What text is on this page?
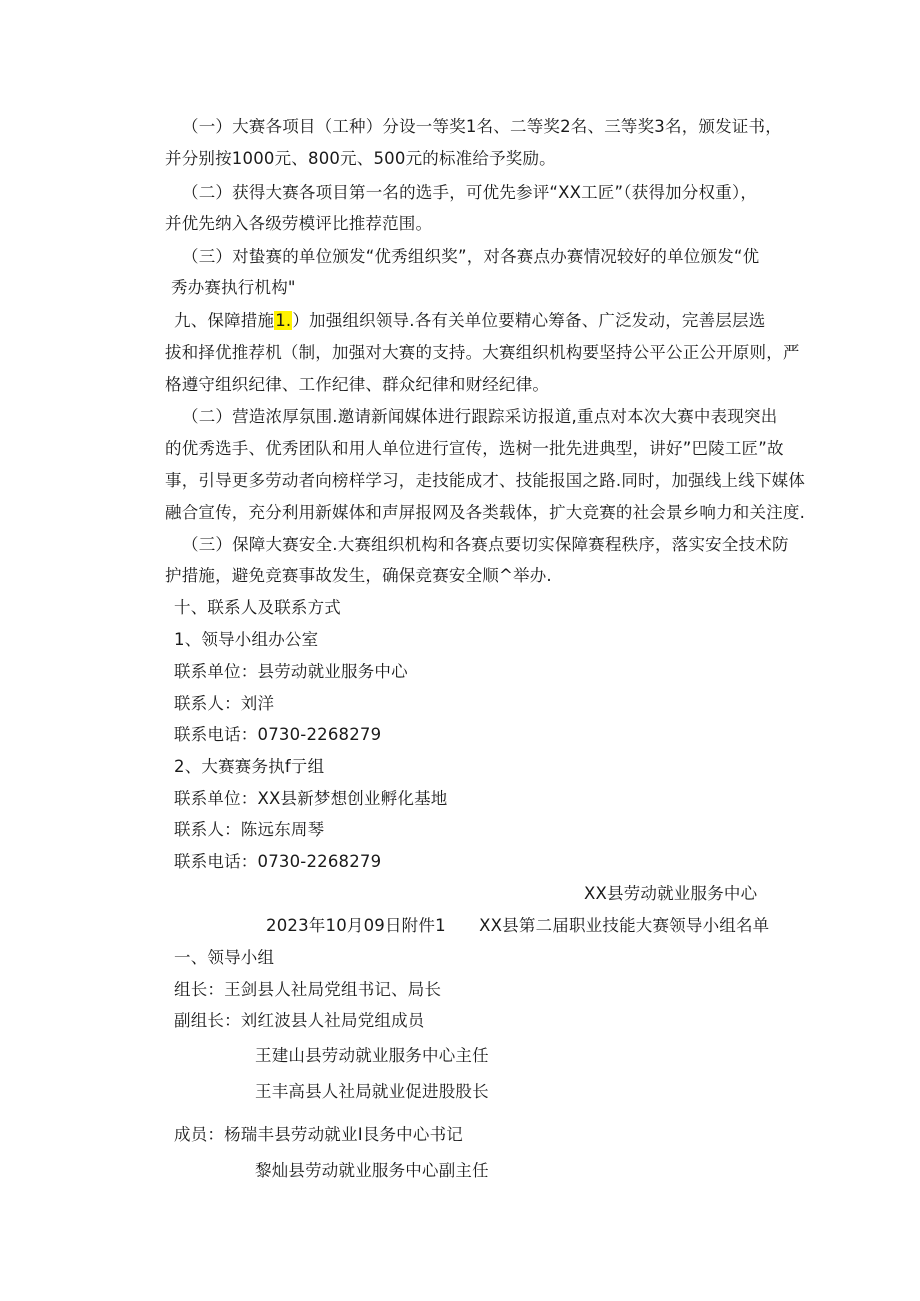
（一）大赛各项目（工种）分设一等奖1名、二等奖2名、三等奖3名，颁发证书，
并分别按1000元、800元、500元的标准给予奖励。
（二）获得大赛各项目第一名的选手，可优先参评“XX工匠”（获得加分权重），
并优先纳入各级劳模评比推荐范围。
（三）对蛰赛的单位颁发“优秀组织奖”，对各赛点办赛情况较好的单位颁发“优
秀办赛执行机构"
九、保障措施1.）加强组织领导.各有关单位要精心筹备、广泛发动，完善层层选
拔和择优推荐机（制，加强对大赛的支持。大赛组织机构要坚持公平公正公开原则，严
格遵守组织纪律、工作纪律、群众纪律和财经纪律。
（二）营造浓厚氛围.邀请新闻媒体进行跟踪采访报道,重点对本次大赛中表现突出
的优秀选手、优秀团队和用人单位进行宣传，选树一批先进典型，讲好”巴陵工匠”故
事，引导更多劳动者向榜样学习，走技能成才、技能报国之路.同时，加强线上线下媒体
融合宣传，充分利用新媒体和声屏报网及各类载体，扩大竞赛的社会景乡响力和关注度.
（三）保障大赛安全.大赛组织机构和各赛点要切实保障赛程秩序，落实安全技术防
护措施，避免竞赛事故发生，确保竞赛安全顺^举办.
十、联系人及联系方式
1、领导小组办公室
联系单位：县劳动就业服务中心
联系人：刘洋
联系电话：0730-2268279
2、大赛赛务执f亍组
联系单位：XX县新梦想创业孵化基地
联系人：陈远东周琴
联系电话：0730-2268279
XX县劳动就业服务中心
2023年10月09日附件1　　XX县第二届职业技能大赛领导小组名单
一、领导小组
组长：王剑县人社局党组书记、局长
副组长：刘红波县人社局党组成员
王建山县劳动就业服务中心主任
王丰高县人社局就业促进股股长
成员：杨瑞丰县劳动就业I艮务中心书记
黎灿县劳动就业服务中心副主任
